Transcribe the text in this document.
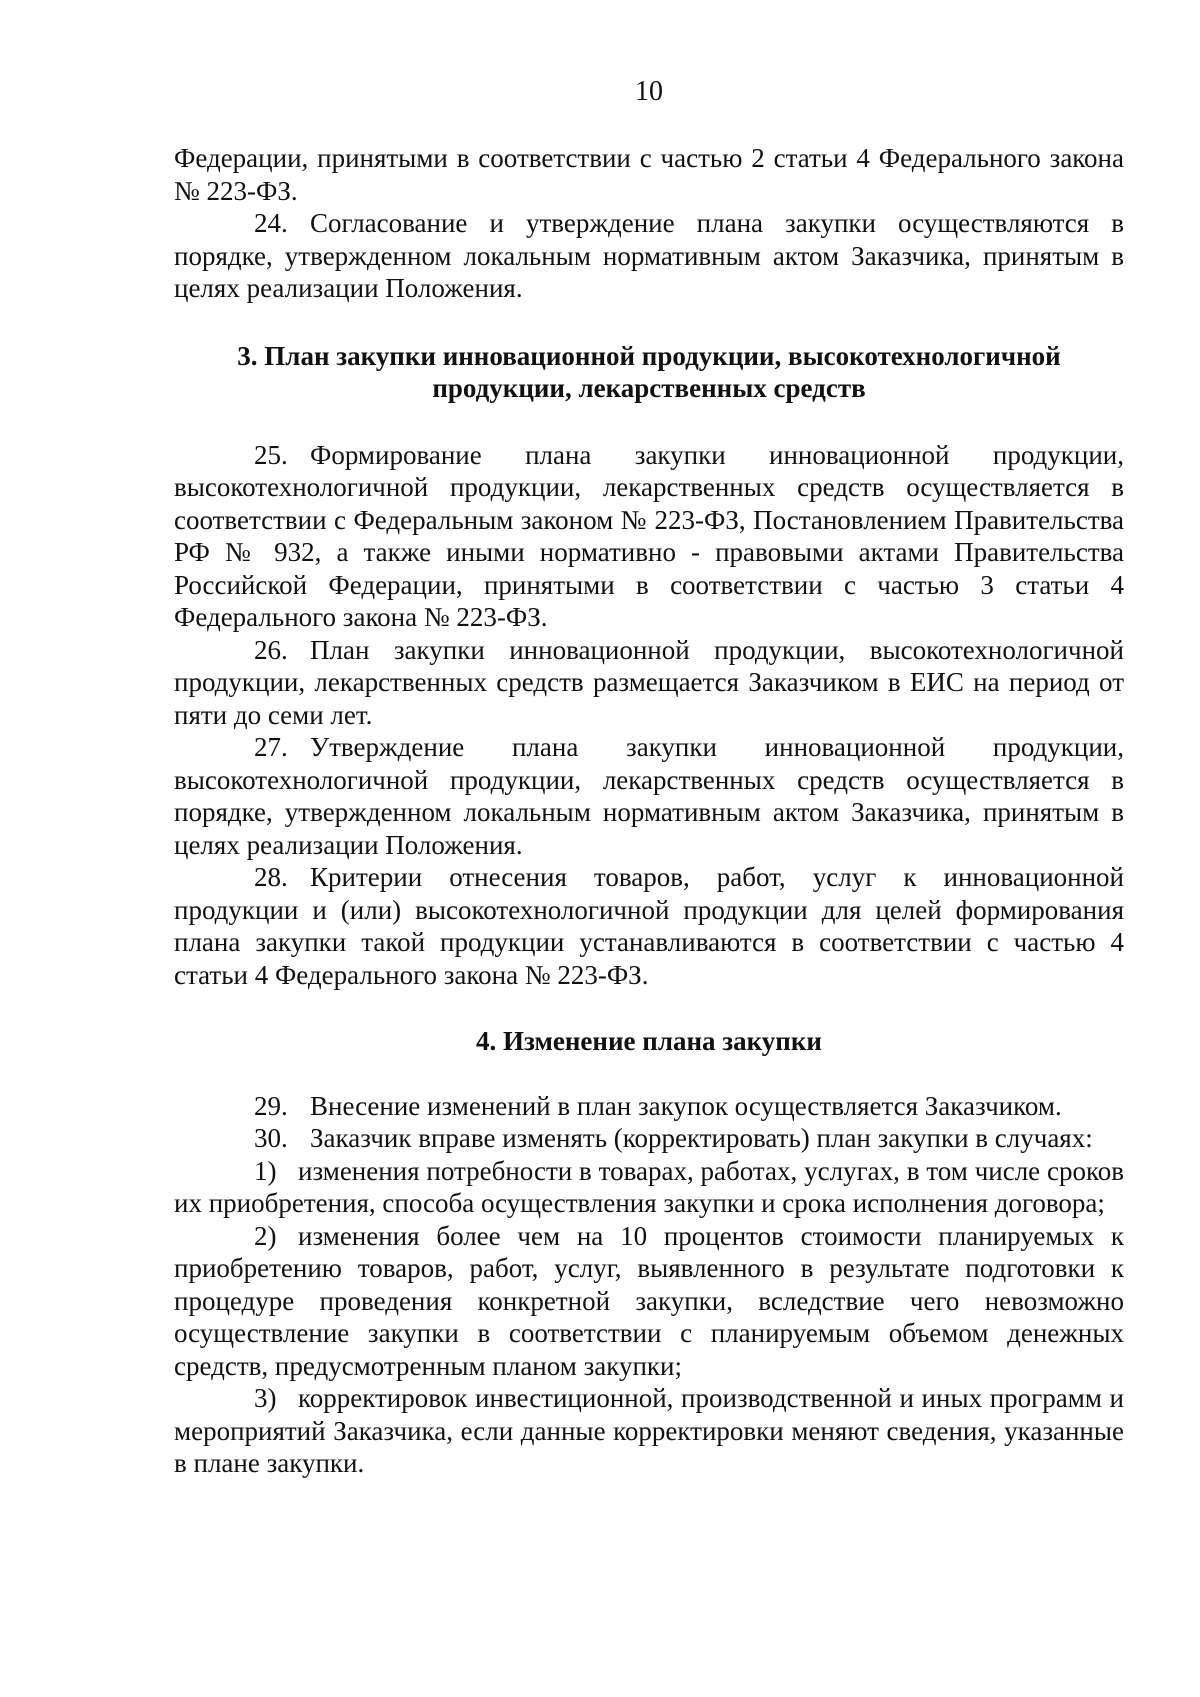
10

Федерации, принятыми в соответствии с частью 2 статьи 4 Федерального закона № 223-ФЗ.

24. Согласование и утверждение плана закупки осуществляются в порядке, утвержденном локальным нормативным актом Заказчика, принятым в целях реализации Положения.

3. План закупки инновационной продукции, высокотехнологичной
продукции, лекарственных средств

25. Формирование плана закупки инновационной продукции, высокотехнологичной продукции, лекарственных средств осуществляется в соответствии с Федеральным законом № 223-ФЗ, Постановлением Правительства РФ № 932, а также иными нормативно - правовыми актами Правительства Российской Федерации, принятыми в соответствии с частью 3 статьи 4 Федерального закона № 223-ФЗ.

26. План закупки инновационной продукции, высокотехнологичной продукции, лекарственных средств размещается Заказчиком в ЕИС на период от пяти до семи лет.

27. Утверждение плана закупки инновационной продукции, высокотехнологичной продукции, лекарственных средств осуществляется в порядке, утвержденном локальным нормативным актом Заказчика, принятым в целях реализации Положения.

28. Критерии отнесения товаров, работ, услуг к инновационной продукции и (или) высокотехнологичной продукции для целей формирования плана закупки такой продукции устанавливаются в соответствии с частью 4 статьи 4 Федерального закона № 223-ФЗ.

4. Изменение плана закупки

29. Внесение изменений в план закупок осуществляется Заказчиком.

30. Заказчик вправе изменять (корректировать) план закупки в случаях:

1) изменения потребности в товарах, работах, услугах, в том числе сроков их приобретения, способа осуществления закупки и срока исполнения договора;

2) изменения более чем на 10 процентов стоимости планируемых к приобретению товаров, работ, услуг, выявленного в результате подготовки к процедуре проведения конкретной закупки, вследствие чего невозможно осуществление закупки в соответствии с планируемым объемом денежных средств, предусмотренным планом закупки;

3) корректировок инвестиционной, производственной и иных программ и мероприятий Заказчика, если данные корректировки меняют сведения, указанные в плане закупки.
